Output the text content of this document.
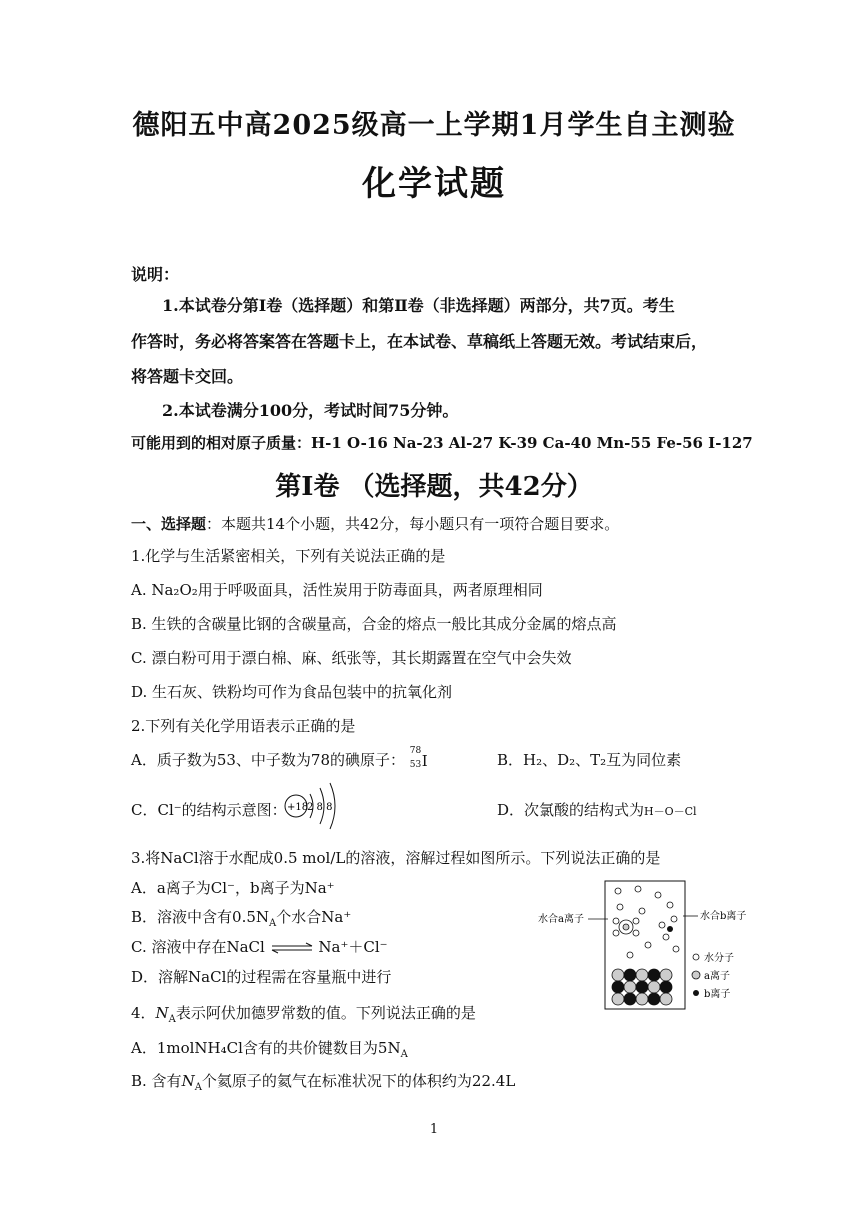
德阳五中高2025级高一上学期1月学生自主测验
化学试题
说明：
1.本试卷分第Ⅰ卷（选择题）和第Ⅱ卷（非选择题）两部分，共7页。考生
作答时，务必将答案答在答题卡上，在本试卷、草稿纸上答题无效。考试结束后，
将答题卡交回。
2.本试卷满分100分，考试时间75分钟。
可能用到的相对原子质量：H-1 O-16 Na-23 Al-27 K-39 Ca-40 Mn-55 Fe-56 I-127
第Ⅰ卷 （选择题，共42分）
一、选择题：本题共14个小题，共42分，每小题只有一项符合题目要求。
1.化学与生活紧密相关，下列有关说法正确的是
A. Na₂O₂用于呼吸面具，活性炭用于防毒面具，两者原理相同
B. 生铁的含碳量比钢的含碳量高，合金的熔点一般比其成分金属的熔点高
C. 漂白粉可用于漂白棉、麻、纸张等，其长期露置在空气中会失效
D. 生石灰、铁粉均可作为食品包装中的抗氧化剂
2.下列有关化学用语表示正确的是
A．质子数为53、中子数为78的碘原子： 78
53 I	B．H₂、D₂、T₂互为同位素
C．Cl⁻的结构示意图： +18
2 8 8	D．次氯酸的结构式为H－O－Cl
3.将NaCl溶于水配成0.5 mol/L的溶液，溶解过程如图所示。下列说法正确的是
A．a离子为Cl⁻，b离子为Na⁺
B．溶液中含有$0.5N_A$个水合Na⁺
C. 溶液中存在NaCl ⇌ Na⁺＋Cl⁻
D．溶解NaCl的过程需在容量瓶中进行
水合a离子	水合b离子
水分子
a离子
b离子
4．$N_A$表示阿伏加德罗常数的值。下列说法正确的是
A．1molNH₄Cl含有的共价键数目为$5N_A$
B. 含有$N_A$个氦原子的氦气在标准状况下的体积约为22.4L
1
